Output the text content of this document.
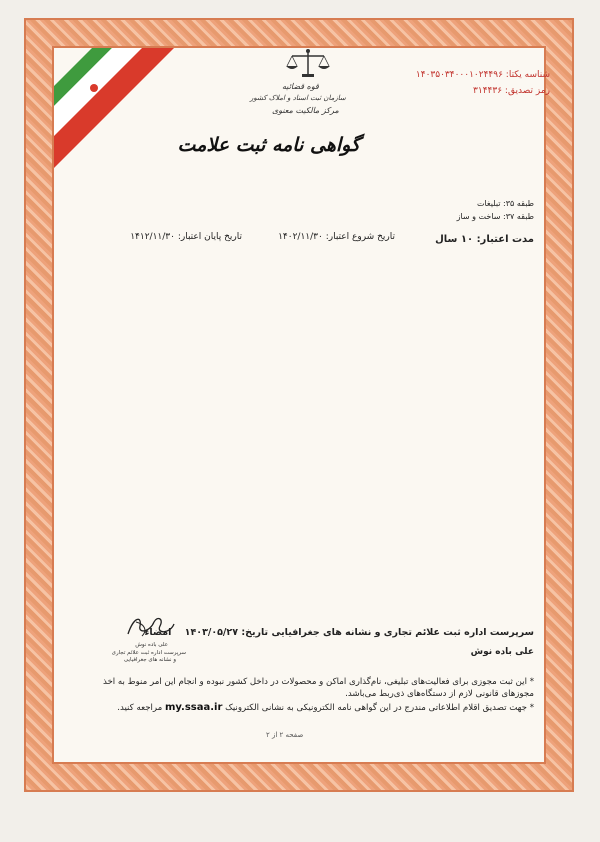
قوه قضائیه
سازمان ثبت اسناد و املاک کشور
مرکز مالکیت معنوی
شناسه یکتا: ۱۴۰۳۵۰۳۴۰۰۰۱۰۲۴۴۹۶
رمز تصدیق: ۳۱۴۴۳۶
گواهی نامه ثبت علامت
طبقه ۳۵: تبلیغات
طبقه ۳۷: ساخت و ساز
مدت اعتبار: ۱۰ سال
تاریخ شروع اعتبار: ۱۴۰۲/۱۱/۳۰
تاریخ پایان اعتبار: ۱۴۱۲/۱۱/۳۰
سرپرست اداره ثبت علائم تجاری و نشانه های جغرافیایی تاریخ: ۱۴۰۳/۰۵/۲۷    امضاء
علی باده نوش
علی باده نوش
سرپرست اداره ثبت علائم تجاری
و نشانه های جغرافیایی
* این ثبت مجوزی برای فعالیت‌های تبلیغی، نام‌گذاری اماکن و محصولات در داخل کشور نبوده و انجام این امر منوط به اخذ مجوزهای قانونی لازم از دستگاه‌های ذی‌ربط می‌باشد.
* جهت تصدیق اقلام اطلاعاتی مندرج در این گواهی نامه الکترونیکی به نشانی الکترونیک my.ssaa.ir مراجعه کنید.
صفحه ۲ از ۲
